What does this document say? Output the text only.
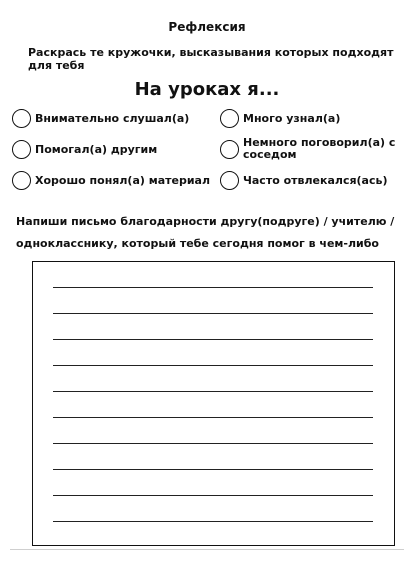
Рефлексия
Раскрась те кружочки, высказывания которых подходят для тебя
На уроках я...
Внимательно слушал(а)	Много узнал(а)
Помогал(а) другим	Немного поговорил(а) с соседом
Хорошо понял(а) материал	Часто отвлекался(ась)
Напиши письмо благодарности другу(подруге) / учителю / однокласснику, который тебе сегодня помог в чем-либо
